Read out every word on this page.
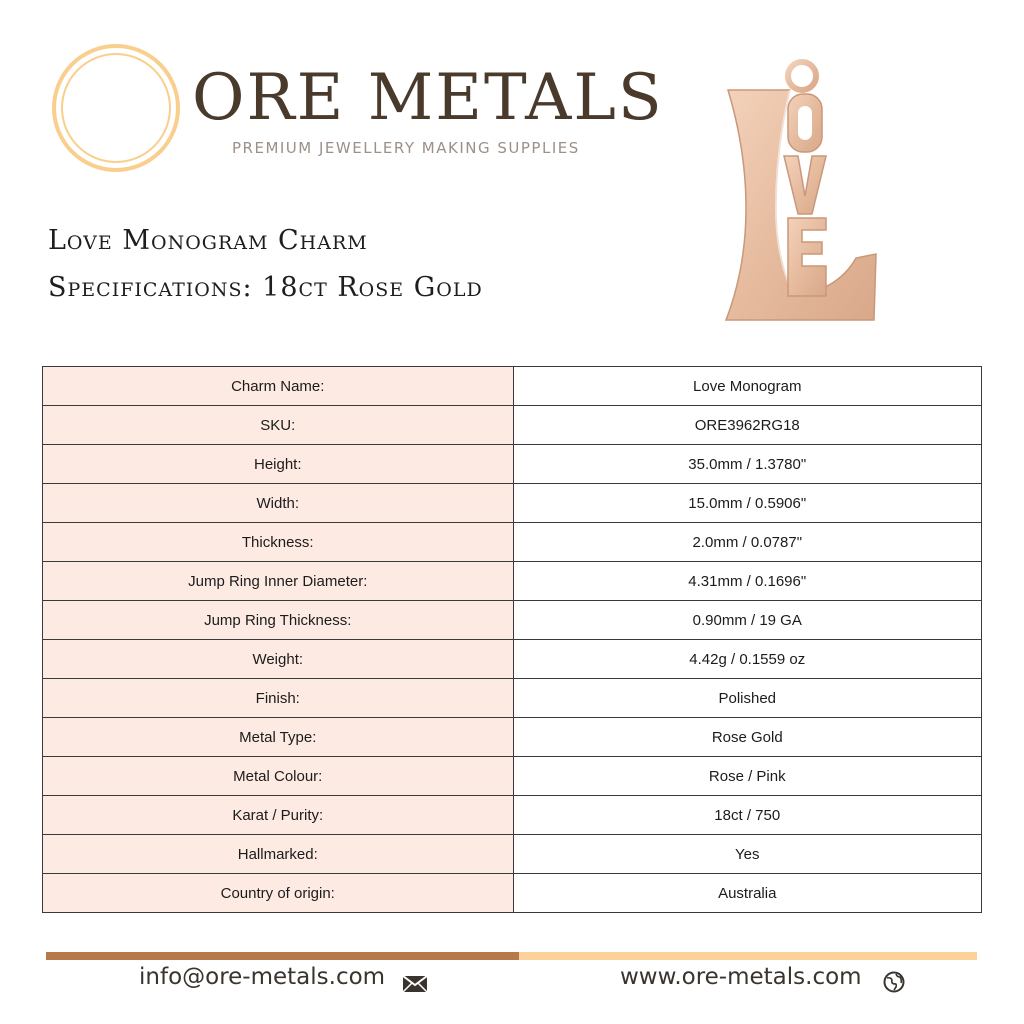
ORE METALS
PREMIUM JEWELLERY MAKING SUPPLIES
Love Monogram Charm
Specifications: 18ct Rose Gold
Charm Name:	Love Monogram
SKU:	ORE3962RG18
Height:	35.0mm / 1.3780"
Width:	15.0mm / 0.5906"
Thickness:	2.0mm / 0.0787"
Jump Ring Inner Diameter:	4.31mm / 0.1696"
Jump Ring Thickness:	0.90mm / 19 GA
Weight:	4.42g / 0.1559 oz
Finish:	Polished
Metal Type:	Rose Gold
Metal Colour:	Rose / Pink
Karat / Purity:	18ct / 750
Hallmarked:	Yes
Country of origin:	Australia
info@ore-metals.com	www.ore-metals.com
